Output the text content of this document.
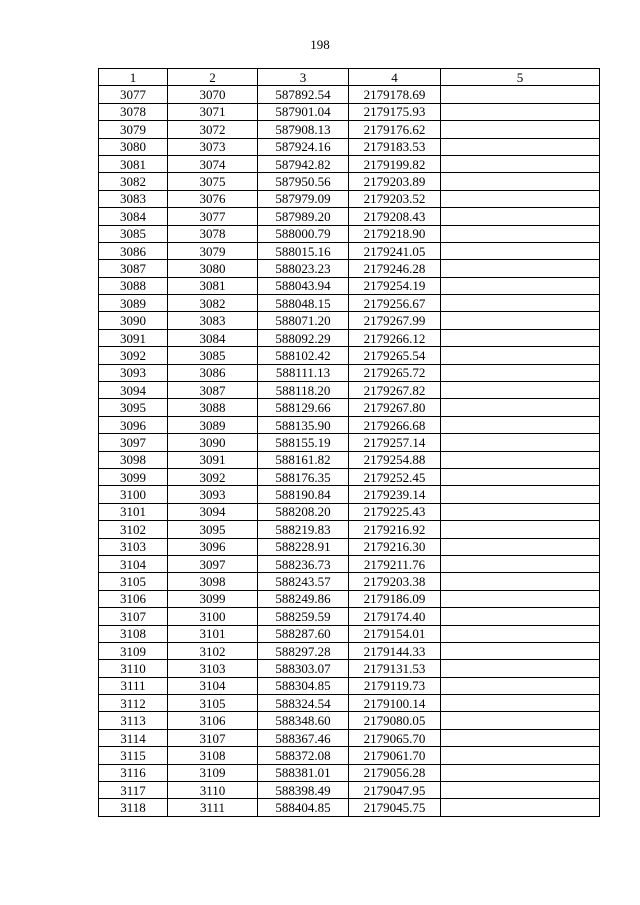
198
1	2	3	4	5
3077	3070	587892.54	2179178.69	
3078	3071	587901.04	2179175.93	
3079	3072	587908.13	2179176.62	
3080	3073	587924.16	2179183.53	
3081	3074	587942.82	2179199.82	
3082	3075	587950.56	2179203.89	
3083	3076	587979.09	2179203.52	
3084	3077	587989.20	2179208.43	
3085	3078	588000.79	2179218.90	
3086	3079	588015.16	2179241.05	
3087	3080	588023.23	2179246.28	
3088	3081	588043.94	2179254.19	
3089	3082	588048.15	2179256.67	
3090	3083	588071.20	2179267.99	
3091	3084	588092.29	2179266.12	
3092	3085	588102.42	2179265.54	
3093	3086	588111.13	2179265.72	
3094	3087	588118.20	2179267.82	
3095	3088	588129.66	2179267.80	
3096	3089	588135.90	2179266.68	
3097	3090	588155.19	2179257.14	
3098	3091	588161.82	2179254.88	
3099	3092	588176.35	2179252.45	
3100	3093	588190.84	2179239.14	
3101	3094	588208.20	2179225.43	
3102	3095	588219.83	2179216.92	
3103	3096	588228.91	2179216.30	
3104	3097	588236.73	2179211.76	
3105	3098	588243.57	2179203.38	
3106	3099	588249.86	2179186.09	
3107	3100	588259.59	2179174.40	
3108	3101	588287.60	2179154.01	
3109	3102	588297.28	2179144.33	
3110	3103	588303.07	2179131.53	
3111	3104	588304.85	2179119.73	
3112	3105	588324.54	2179100.14	
3113	3106	588348.60	2179080.05	
3114	3107	588367.46	2179065.70	
3115	3108	588372.08	2179061.70	
3116	3109	588381.01	2179056.28	
3117	3110	588398.49	2179047.95	
3118	3111	588404.85	2179045.75	
